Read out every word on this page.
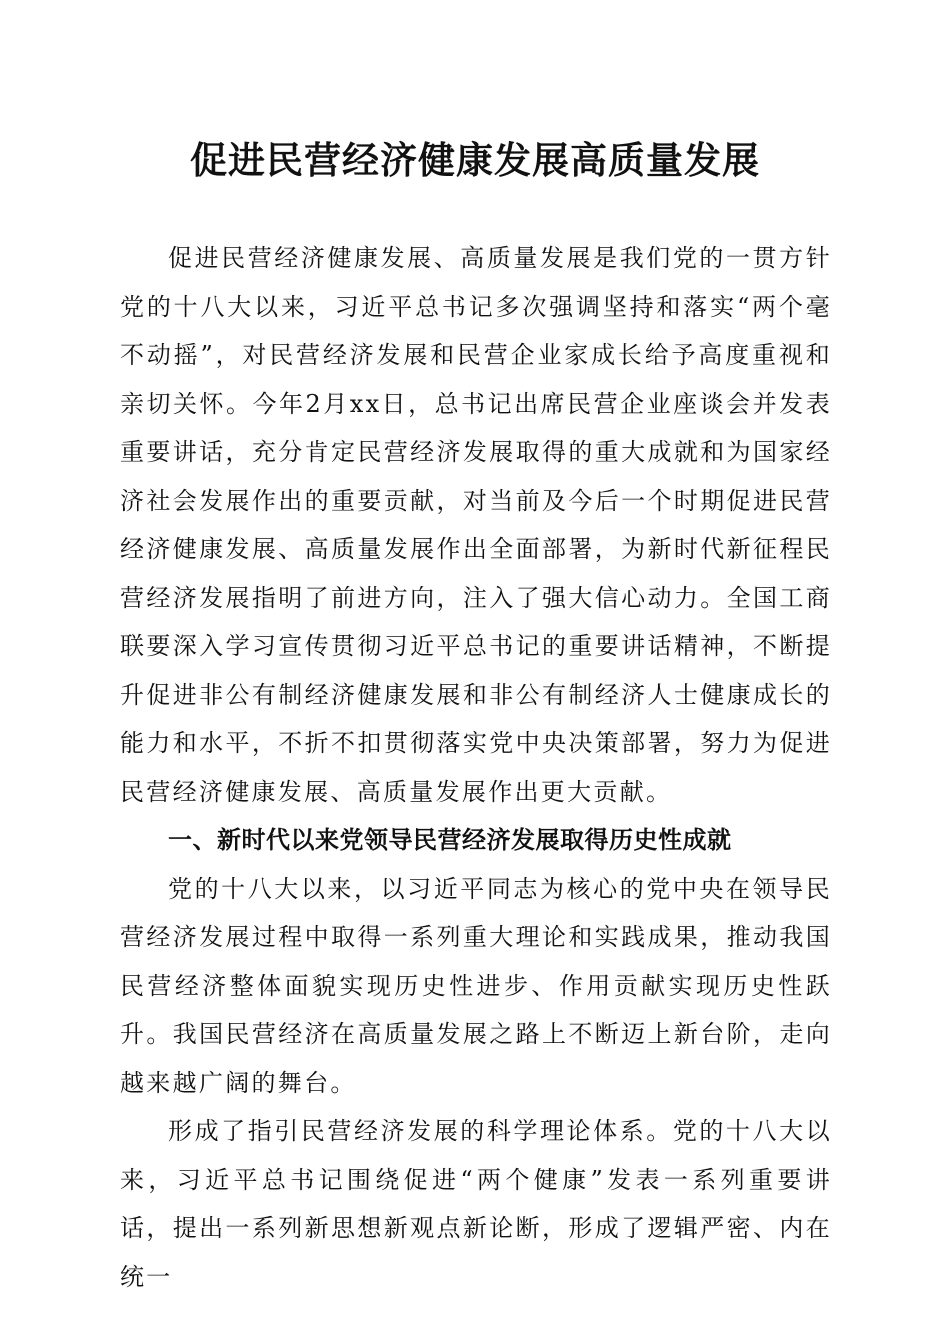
促进民营经济健康发展高质量发展

促进民营经济健康发展、高质量发展是我们党的一贯方针党的十八大以来，习近平总书记多次强调坚持和落实“两个毫不动摇”，对民营经济发展和民营企业家成长给予高度重视和亲切关怀。今年2月xx日，总书记出席民营企业座谈会并发表重要讲话，充分肯定民营经济发展取得的重大成就和为国家经济社会发展作出的重要贡献，对当前及今后一个时期促进民营经济健康发展、高质量发展作出全面部署，为新时代新征程民营经济发展指明了前进方向，注入了强大信心动力。全国工商联要深入学习宣传贯彻习近平总书记的重要讲话精神，不断提升促进非公有制经济健康发展和非公有制经济人士健康成长的能力和水平，不折不扣贯彻落实党中央决策部署，努力为促进民营经济健康发展、高质量发展作出更大贡献。

一、新时代以来党领导民营经济发展取得历史性成就

党的十八大以来，以习近平同志为核心的党中央在领导民营经济发展过程中取得一系列重大理论和实践成果，推动我国民营经济整体面貌实现历史性进步、作用贡献实现历史性跃升。我国民营经济在高质量发展之路上不断迈上新台阶，走向越来越广阔的舞台。

形成了指引民营经济发展的科学理论体系。党的十八大以来，习近平总书记围绕促进“两个健康”发表一系列重要讲话，提出一系列新思想新观点新论断，形成了逻辑严密、内在统一
